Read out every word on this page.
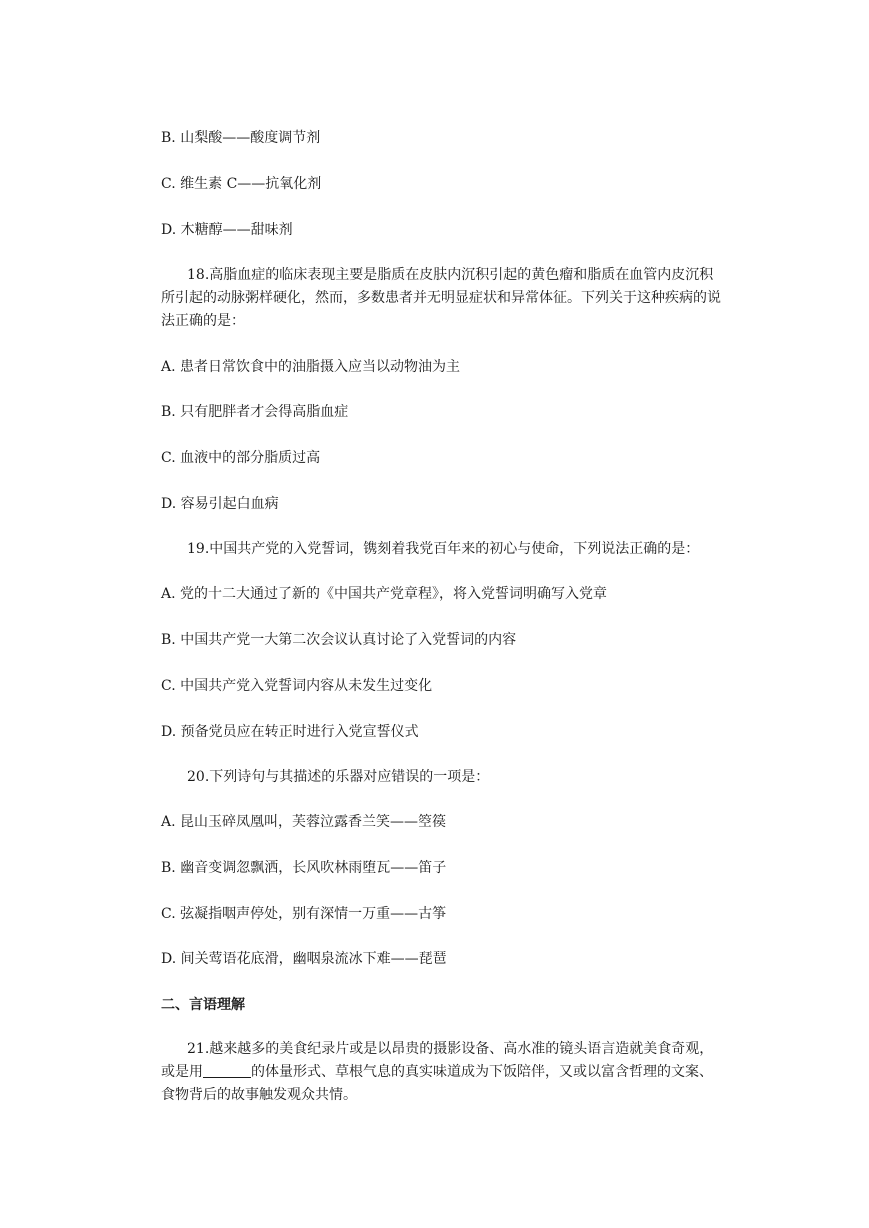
B. 山梨酸——酸度调节剂
C. 维生素 C——抗氧化剂
D. 木糖醇——甜味剂
18.高脂血症的临床表现主要是脂质在皮肤内沉积引起的黄色瘤和脂质在血管内皮沉积
所引起的动脉粥样硬化，然而，多数患者并无明显症状和异常体征。下列关于这种疾病的说
法正确的是：
A. 患者日常饮食中的油脂摄入应当以动物油为主
B. 只有肥胖者才会得高脂血症
C. 血液中的部分脂质过高
D. 容易引起白血病
19.中国共产党的入党誓词，镌刻着我党百年来的初心与使命，下列说法正确的是：
A. 党的十二大通过了新的《中国共产党章程》，将入党誓词明确写入党章
B. 中国共产党一大第二次会议认真讨论了入党誓词的内容
C. 中国共产党入党誓词内容从未发生过变化
D. 预备党员应在转正时进行入党宣誓仪式
20.下列诗句与其描述的乐器对应错误的一项是：
A. 昆山玉碎凤凰叫，芙蓉泣露香兰笑——箜篌
B. 幽音变调忽飘洒，长风吹林雨堕瓦——笛子
C. 弦凝指咽声停处，别有深情一万重——古筝
D. 间关莺语花底滑，幽咽泉流冰下难——琵琶
二、言语理解
21.越来越多的美食纪录片或是以昂贵的摄影设备、高水准的镜头语言造就美食奇观，
或是用	的体量形式、草根气息的真实味道成为下饭陪伴，又或以富含哲理的文案、
食物背后的故事触发观众共情。
